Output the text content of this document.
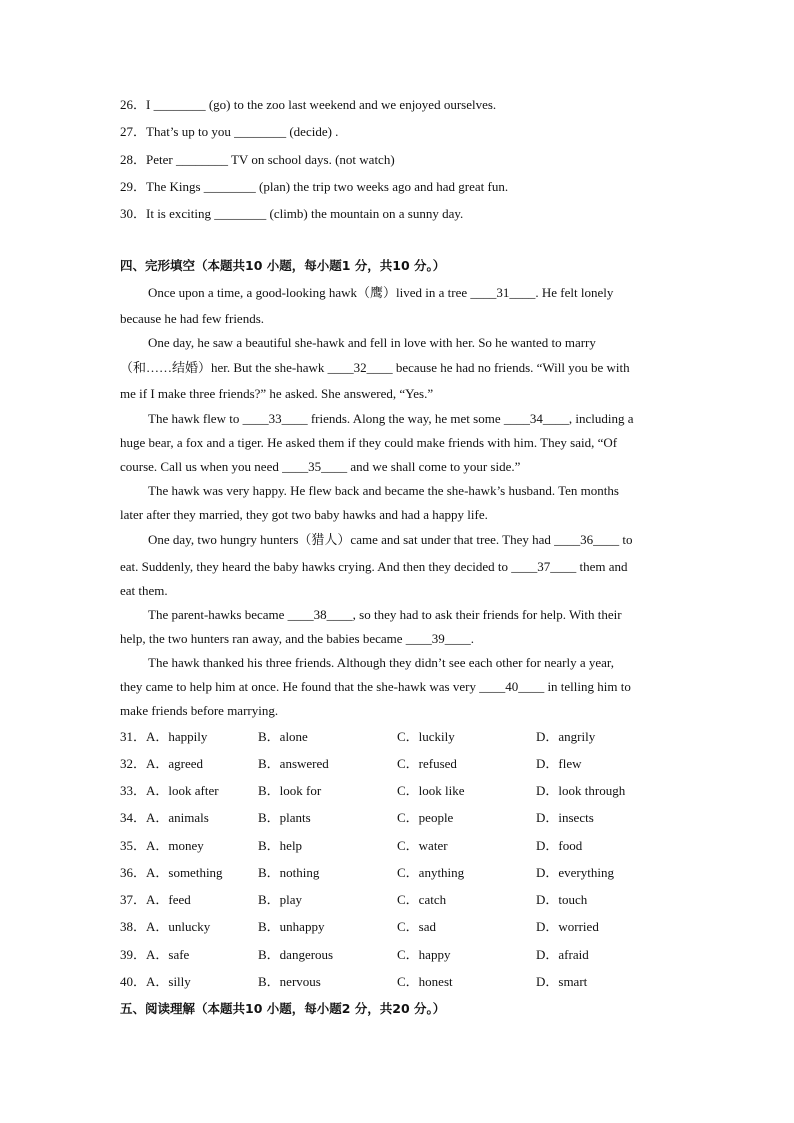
26．I ________ (go) to the zoo last weekend and we enjoyed ourselves.
27．That’s up to you ________ (decide) .
28．Peter ________ TV on school days. (not watch)
29．The Kings ________ (plan) the trip two weeks ago and had great fun.
30．It is exciting ________ (climb) the mountain on a sunny day.
四、完形填空（本题共10 小题，每小题1 分，共10 分。）
Once upon a time, a good-looking hawk（鹰）lived in a tree ____31____. He felt lonely
because he had few friends.
One day, he saw a beautiful she-hawk and fell in love with her. So he wanted to marry
（和……结婚）her. But the she-hawk ____32____ because he had no friends. “Will you be with
me if I make three friends?” he asked. She answered, “Yes.”
The hawk flew to ____33____ friends. Along the way, he met some ____34____, including a
huge bear, a fox and a tiger. He asked them if they could make friends with him. They said, “Of
course. Call us when you need ____35____ and we shall come to your side.”
The hawk was very happy. He flew back and became the she-hawk’s husband. Ten months
later after they married, they got two baby hawks and had a happy life.
One day, two hungry hunters（猎人）came and sat under that tree. They had ____36____ to
eat. Suddenly, they heard the baby hawks crying. And then they decided to ____37____ them and
eat them.
The parent-hawks became ____38____, so they had to ask their friends for help. With their
help, the two hunters ran away, and the babies became ____39____.
The hawk thanked his three friends. Although they didn’t see each other for nearly a year,
they came to help him at once. He found that the she-hawk was very ____40____ in telling him to
make friends before marrying.
31．A．happily	B．alone	C．luckily	D．angrily
32．A．agreed	B．answered	C．refused	D．flew
33．A．look after	B．look for	C．look like	D．look through
34．A．animals	B．plants	C．people	D．insects
35．A．money	B．help	C．water	D．food
36．A．something	B．nothing	C．anything	D．everything
37．A．feed	B．play	C．catch	D．touch
38．A．unlucky	B．unhappy	C．sad	D．worried
39．A．safe	B．dangerous	C．happy	D．afraid
40．A．silly	B．nervous	C．honest	D．smart
五、阅读理解（本题共10 小题，每小题2 分，共20 分。）
